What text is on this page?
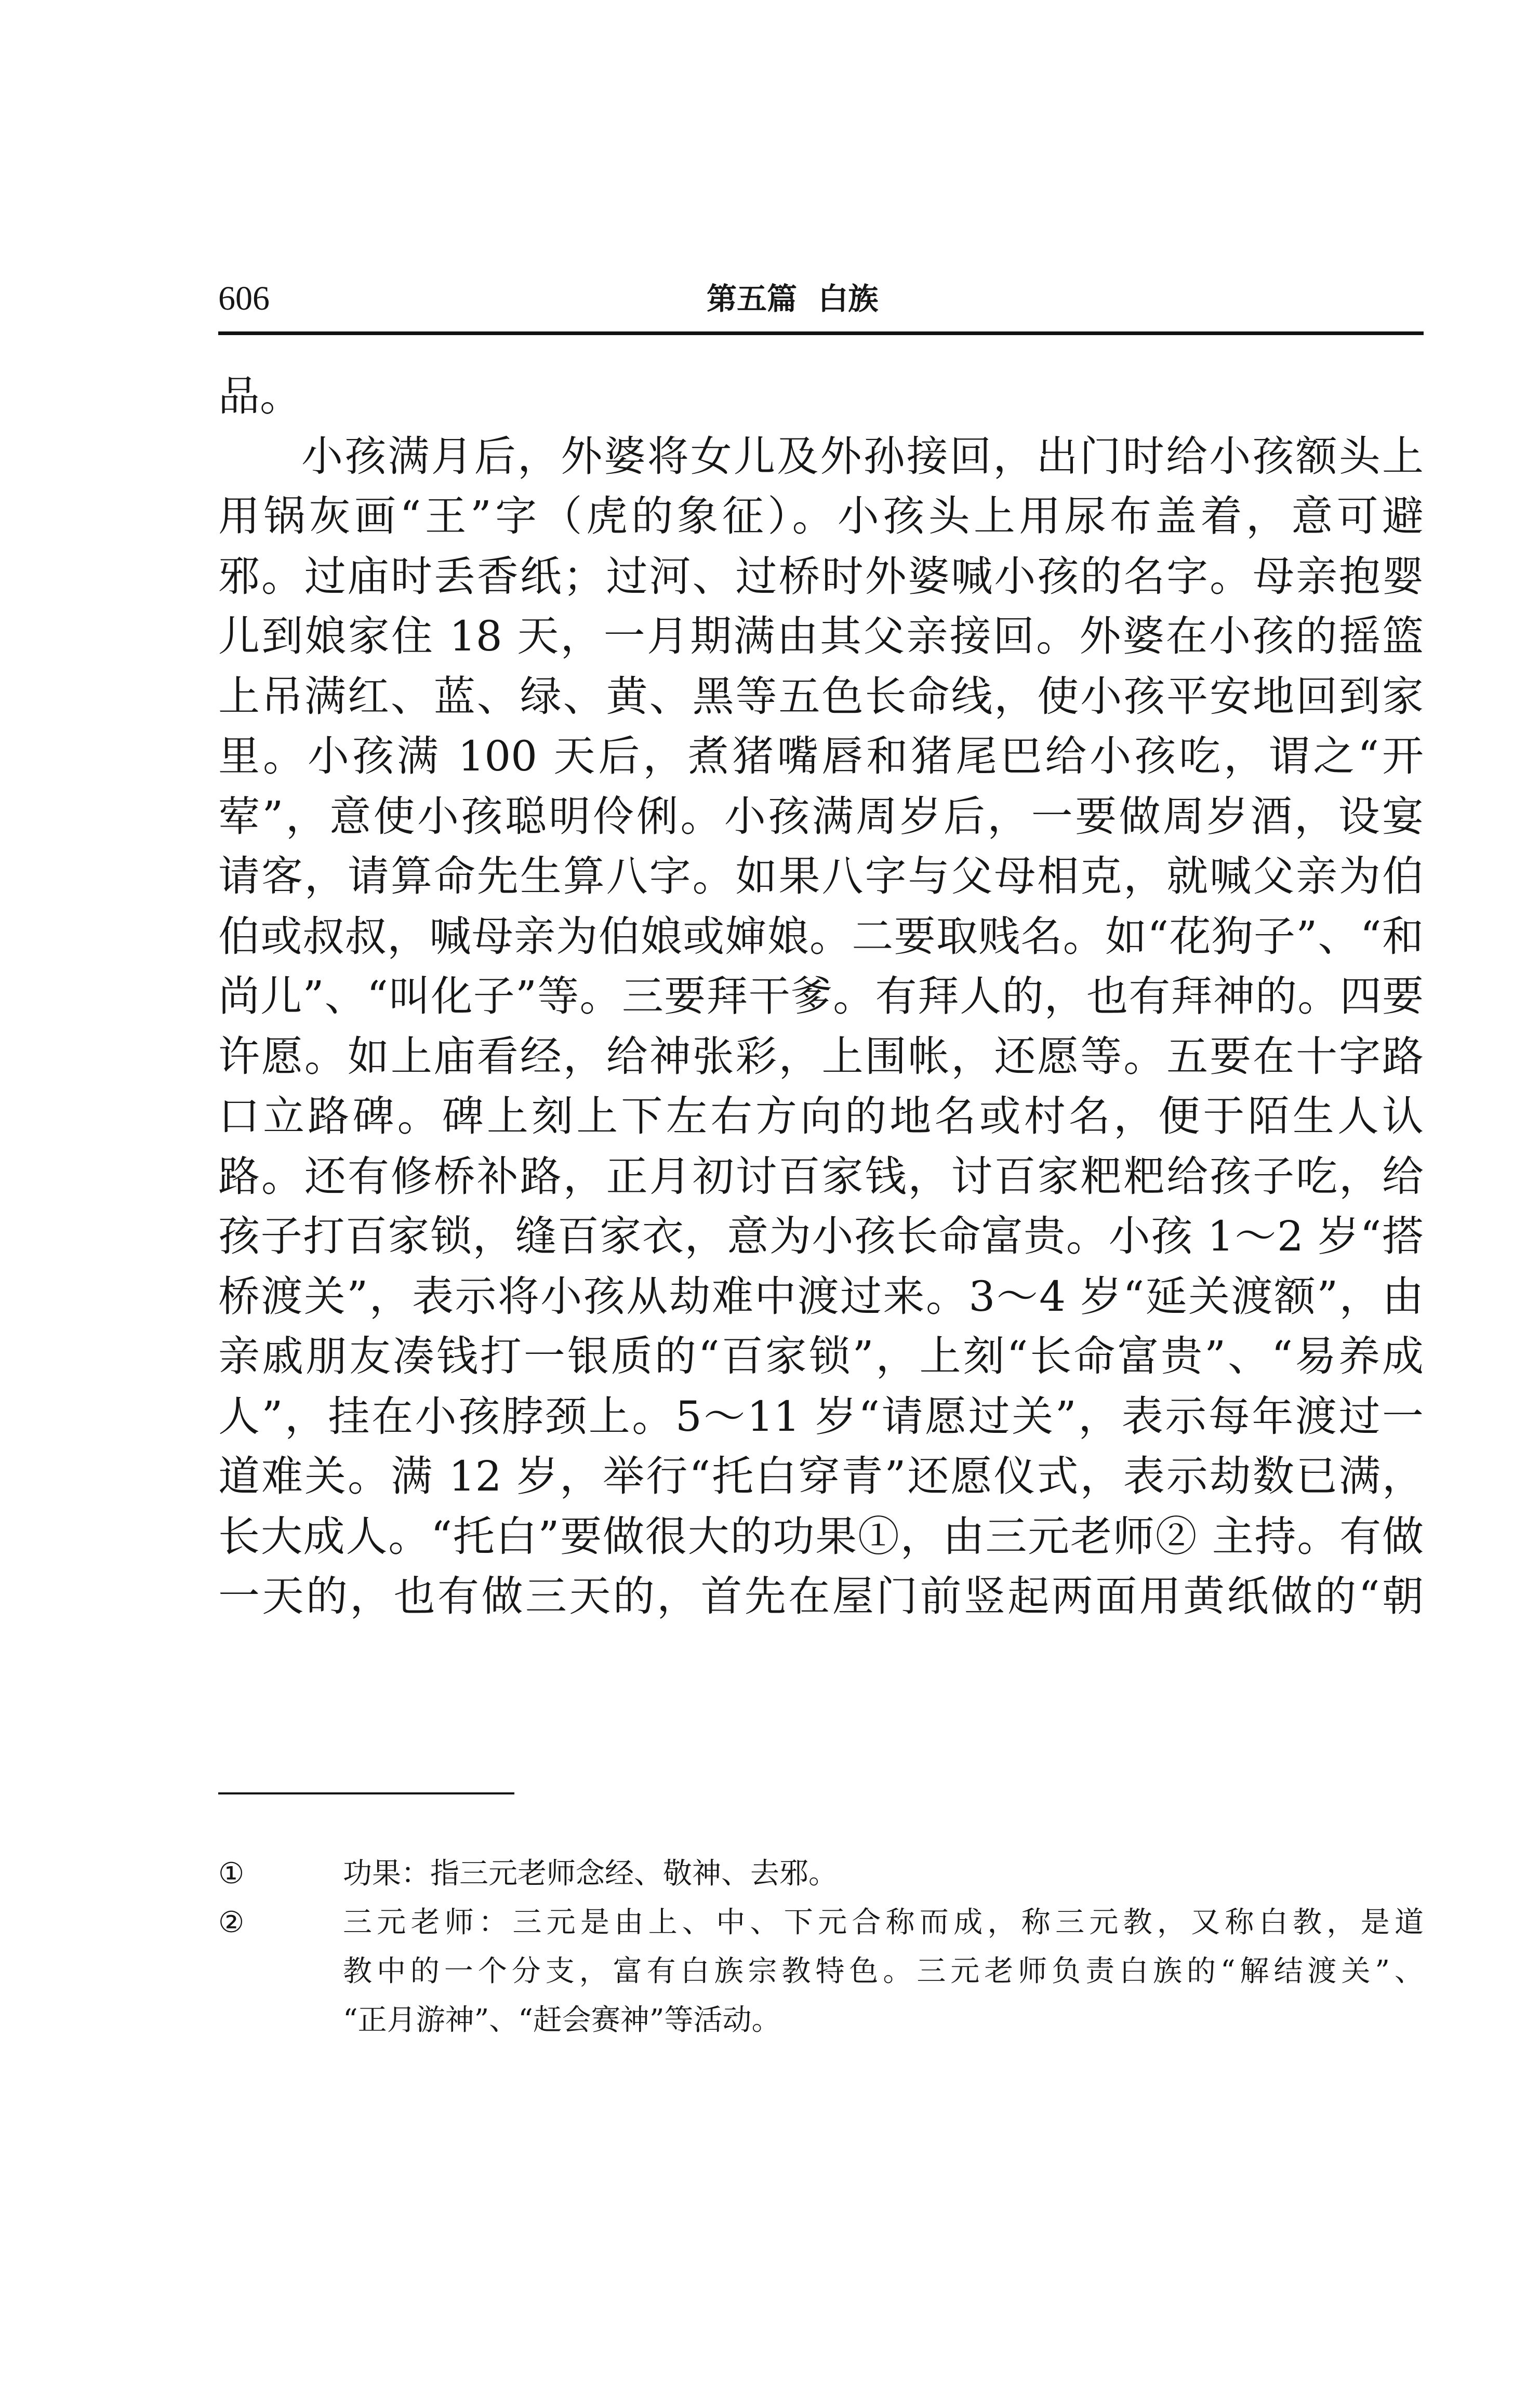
606	第五篇  白族
品。
小孩满月后，外婆将女儿及外孙接回，出门时给小孩额头上
用锅灰画“王”字（虎的象征）。小孩头上用尿布盖着，意可避
邪。过庙时丢香纸；过河、过桥时外婆喊小孩的名字。母亲抱婴
儿到娘家住 18 天，一月期满由其父亲接回。外婆在小孩的摇篮
上吊满红、蓝、绿、黄、黑等五色长命线，使小孩平安地回到家
里。小孩满 100 天后，煮猪嘴唇和猪尾巴给小孩吃，谓之“开
荤”，意使小孩聪明伶俐。小孩满周岁后，一要做周岁酒，设宴
请客，请算命先生算八字。如果八字与父母相克，就喊父亲为伯
伯或叔叔，喊母亲为伯娘或婶娘。二要取贱名。如“花狗子”、“和
尚儿”、“叫化子”等。三要拜干爹。有拜人的，也有拜神的。四要
许愿。如上庙看经，给神张彩，上围帐，还愿等。五要在十字路
口立路碑。碑上刻上下左右方向的地名或村名，便于陌生人认
路。还有修桥补路，正月初讨百家钱，讨百家粑粑给孩子吃，给
孩子打百家锁，缝百家衣，意为小孩长命富贵。小孩 1～2 岁“搭
桥渡关”，表示将小孩从劫难中渡过来。3～4 岁“延关渡额”，由
亲戚朋友凑钱打一银质的“百家锁”，上刻“长命富贵”、“易养成
人”，挂在小孩脖颈上。5～11 岁“请愿过关”，表示每年渡过一
道难关。满 12 岁，举行“托白穿青”还愿仪式，表示劫数已满，
长大成人。“托白”要做很大的功果①，由三元老师② 主持。有做
一天的，也有做三天的，首先在屋门前竖起两面用黄纸做的“朝
①	功果：指三元老师念经、敬神、去邪。
②	三元老师：三元是由上、中、下元合称而成，称三元教，又称白教，是道
教中的一个分支，富有白族宗教特色。三元老师负责白族的“解结渡关”、
“正月游神”、“赶会赛神”等活动。
